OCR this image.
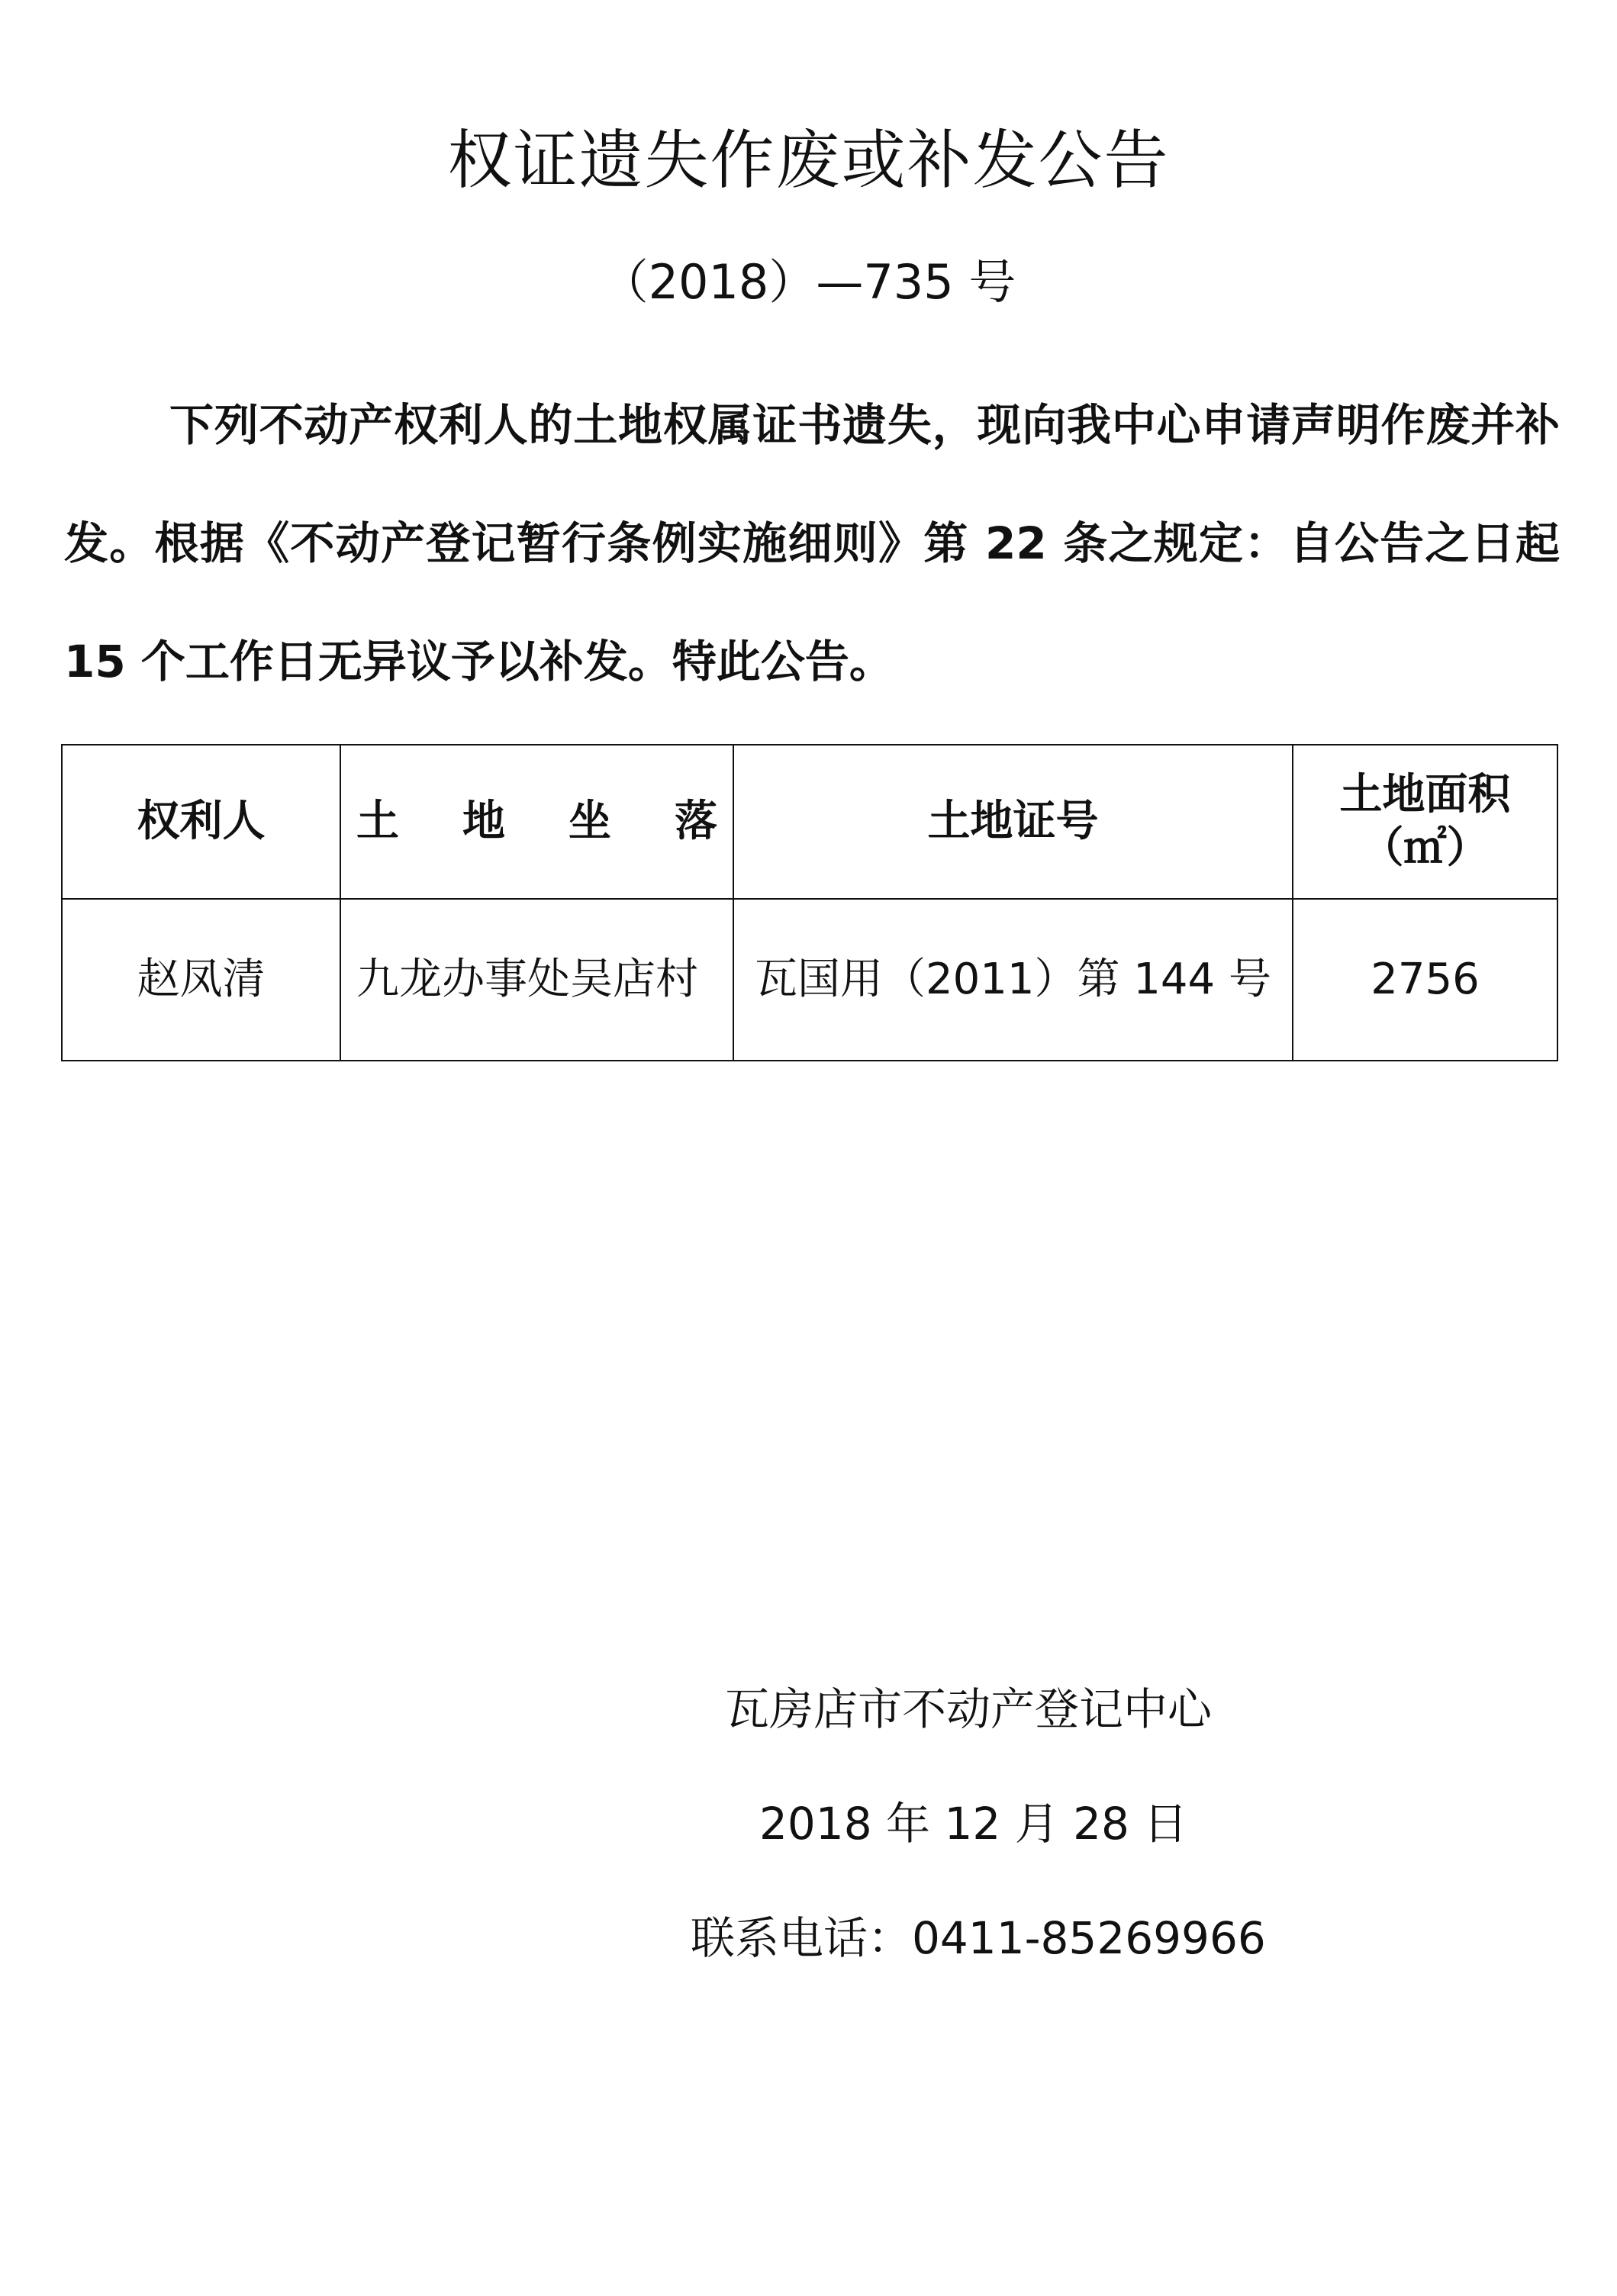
权证遗失作废或补发公告
（2018）—735 号

下列不动产权利人的土地权属证书遗失，现向我中心申请声明作废并补发。根据《不动产登记暂行条例实施细则》第 22 条之规定：自公告之日起 15 个工作日无异议予以补发。特此公告。

权利人	土 地 坐 落	土地证号	土地面积（㎡）
赵凤清	九龙办事处吴店村	瓦国用（2011）第 144 号	2756
瓦房店市不动产登记中心
2018 年 12 月 28 日
联系电话：0411-85269966
